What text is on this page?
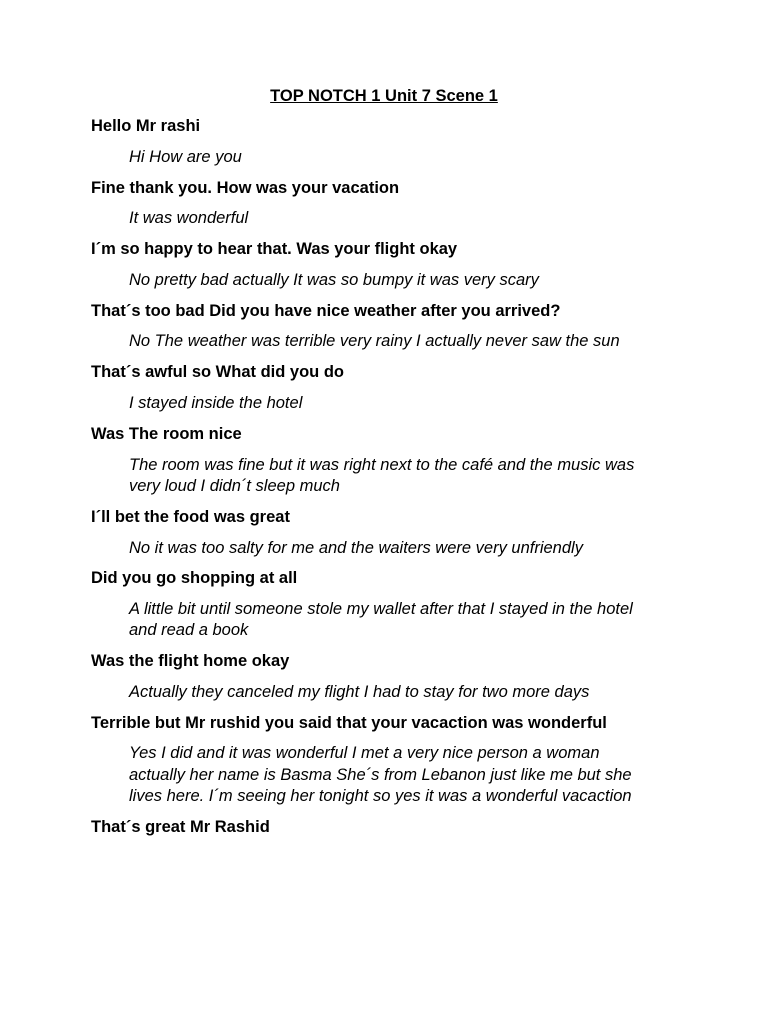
TOP NOTCH 1 Unit 7 Scene 1
Hello Mr rashi
Hi How are you
Fine thank you. How was your vacation
It was wonderful
I´m so happy to hear that. Was your flight okay
No pretty bad actually It was so bumpy it was very scary
That´s too bad Did you have nice weather after you arrived?
No The weather was terrible very rainy I actually never saw the sun
That´s awful so What did you do
I stayed inside the hotel
Was The room nice
The room was fine but it was right next to the café and the music was
very loud I didn´t sleep much
I´ll bet the food was great
No it was too salty for me and the waiters were very unfriendly
Did you go shopping at all
A little bit until someone stole my wallet after that I stayed in the hotel
and read a book
Was the flight home okay
Actually they canceled my flight I had to stay for two more days
Terrible but Mr rushid you said that your vacaction was wonderful
Yes I did and it was wonderful I met a very nice person a woman
actually her name is Basma She´s from Lebanon just like me but she
lives here. I´m seeing her tonight so yes it was a wonderful vacaction
That´s great Mr Rashid
